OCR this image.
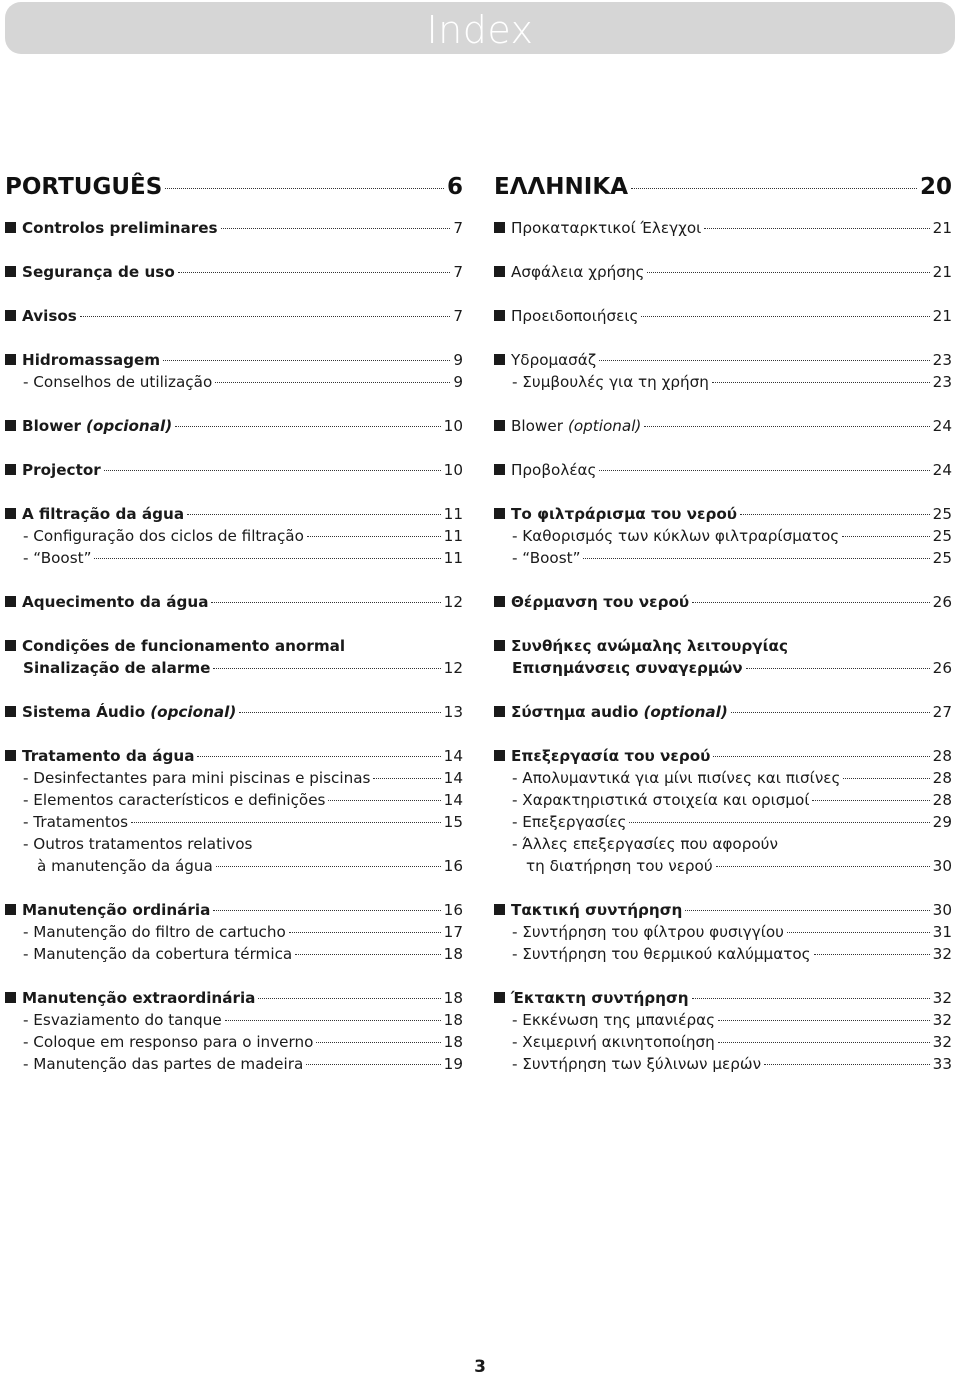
Index
PORTUGUÊS	6
Controlos preliminares	7
Segurança de uso	7
Avisos	7
Hidromassagem	9
- Conselhos de utilização	9
Blower (opcional)	10
Projector	10
A filtração da água	11
- Configuração dos ciclos de filtração	11
- “Boost”	11
Aquecimento da água	12
Condições de funcionamento anormal
Sinalização de alarme	12
Sistema Áudio (opcional)	13
Tratamento da água	14
- Desinfectantes para mini piscinas e piscinas	14
- Elementos característicos e definições	14
- Tratamentos	15
- Outros tratamentos relativos
à manutenção da água	16
Manutenção ordinária	16
- Manutenção do filtro de cartucho	17
- Manutenção da cobertura térmica	18
Manutenção extraordinária	18
- Esvaziamento do tanque	18
- Coloque em responso para o inverno	18
- Manutenção das partes de madeira	19
ΕΛΛΗΝΙΚΑ	20
Προκαταρκτικοί Έλεγχοι	21
Ασφάλεια χρήσης	21
Προειδοποιήσεις	21
Υδρομασάζ	23
- Συμβουλές για τη χρήση	23
Blower (optional)	24
Προβολέας	24
Το φιλτράρισμα του νερού	25
- Καθορισμός των κύκλων φιλτραρίσματος	25
- “Boost”	25
Θέρμανση του νερού	26
Συνθήκες ανώμαλης λειτουργίας
Επισημάνσεις συναγερμών	26
Σύστημα audio (optional)	27
Επεξεργασία του νερού	28
- Απολυμαντικά για μίνι πισίνες και πισίνες	28
- Χαρακτηριστικά στοιχεία και ορισμοί	28
- Επεξεργασίες	29
- Άλλες επεξεργασίες που αφορούν
τη διατήρηση του νερού	30
Τακτική συντήρηση	30
- Συντήρηση του φίλτρου φυσιγγίου	31
- Συντήρηση του θερμικού καλύμματος	32
Έκτακτη συντήρηση	32
- Εκκένωση της μπανιέρας	32
- Χειμερινή ακινητοποίηση	32
- Συντήρηση των ξύλινων μερών	33
3
